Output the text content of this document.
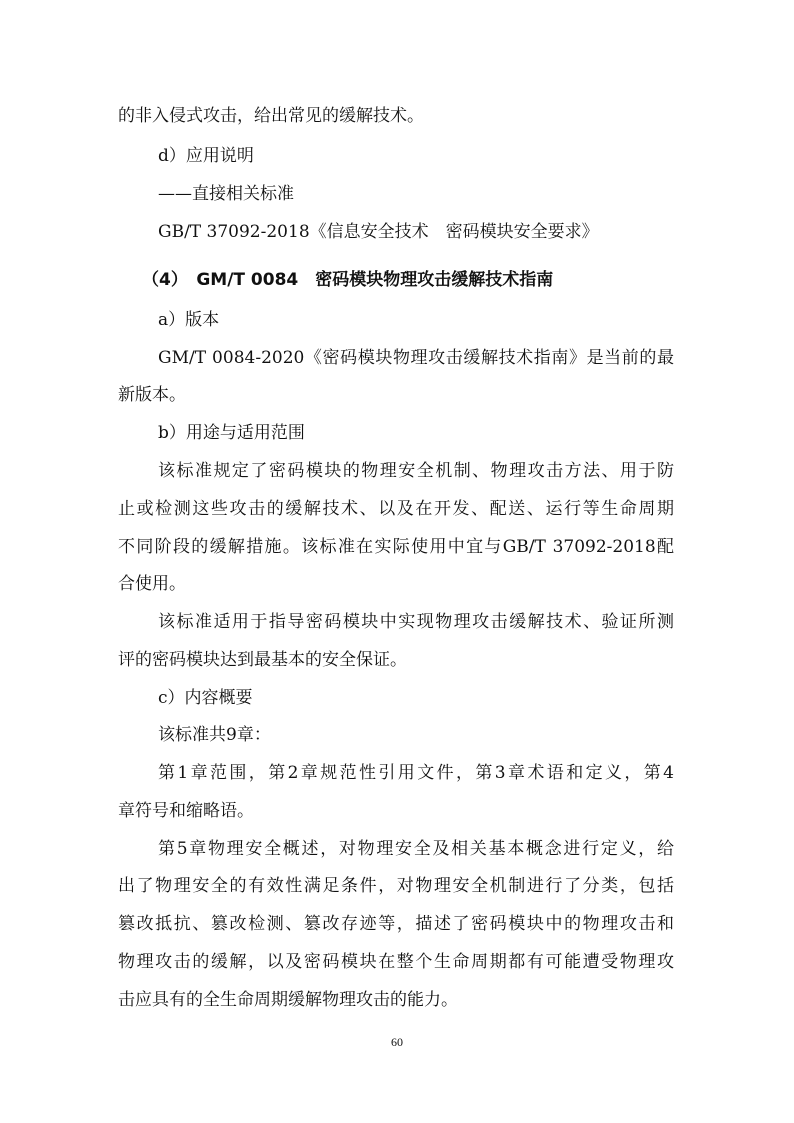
的非入侵式攻击，给出常见的缓解技术。
d）应用说明
——直接相关标准
GB/T 37092-2018《信息安全技术　密码模块安全要求》
（4）　GM/T 0084　密码模块物理攻击缓解技术指南
a）版本
GM/T 0084-2020《密码模块物理攻击缓解技术指南》是当前的最
新版本。
b）用途与适用范围
该标准规定了密码模块的物理安全机制、物理攻击方法、用于防
止或检测这些攻击的缓解技术、以及在开发、配送、运行等生命周期
不同阶段的缓解措施。该标准在实际使用中宜与GB/T 37092-2018配
合使用。
该标准适用于指导密码模块中实现物理攻击缓解技术、验证所测
评的密码模块达到最基本的安全保证。
c）内容概要
该标准共9章：
第1章范围，第2章规范性引用文件，第3章术语和定义，第4
章符号和缩略语。
第5章物理安全概述，对物理安全及相关基本概念进行定义，给
出了物理安全的有效性满足条件，对物理安全机制进行了分类，包括
篡改抵抗、篡改检测、篡改存迹等，描述了密码模块中的物理攻击和
物理攻击的缓解，以及密码模块在整个生命周期都有可能遭受物理攻
击应具有的全生命周期缓解物理攻击的能力。
60
